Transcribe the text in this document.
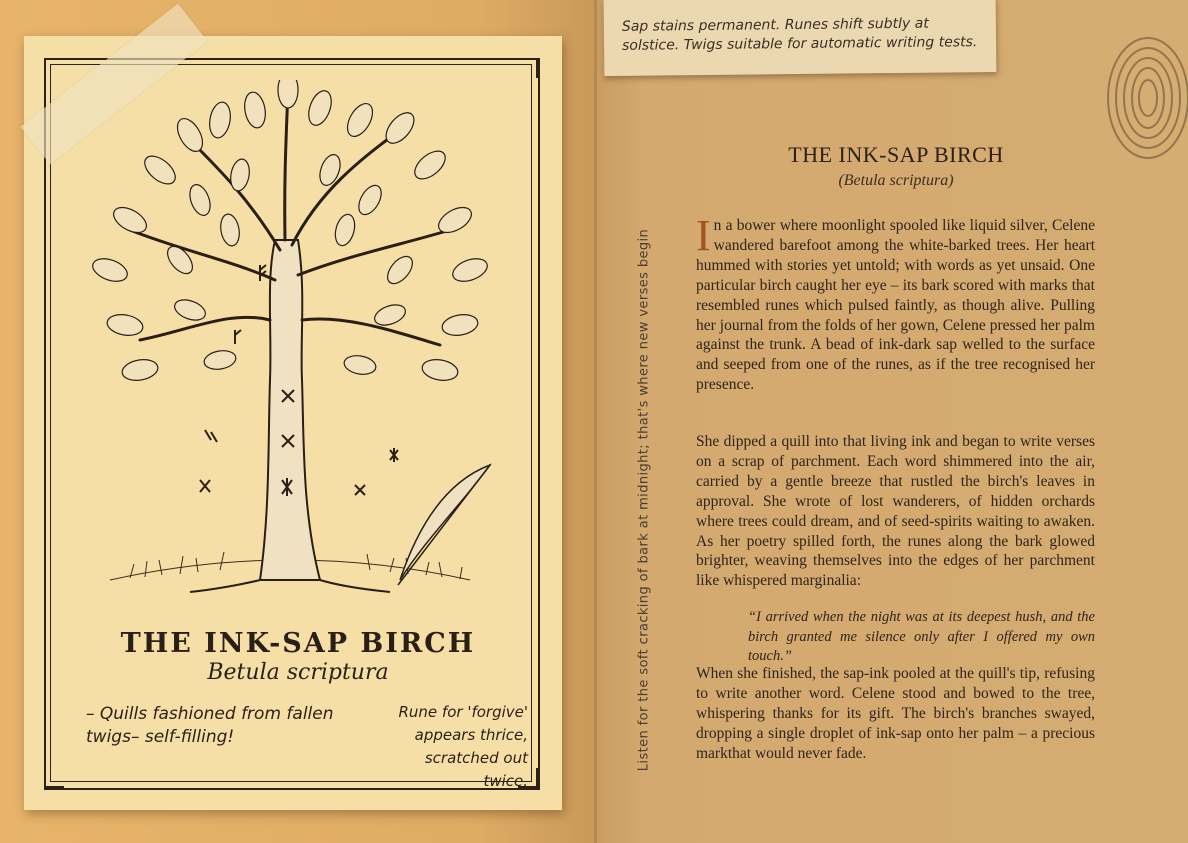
THE INK-SAP BIRCH
Betula scriptura
– Quills fashioned from fallen twigs– self-filling!
Rune for 'forgive' appears thrice, scratched out twice.
Sap stains permanent. Runes shift subtly at solstice. Twigs suitable for automatic writing tests.
Listen for the soft cracking of bark at midnight; that's where new verses begin
THE INK-SAP BIRCH
(Betula scriptura)
In a bower where moonlight spooled like liquid silver, Celene wandered barefoot among the white-barked trees. Her heart hummed with stories yet untold; with words as yet unsaid. One particular birch caught her eye – its bark scored with marks that resembled runes which pulsed faintly, as though alive. Pulling her journal from the folds of her gown, Celene pressed her palm against the trunk. A bead of ink-dark sap welled to the surface and seeped from one of the runes, as if the tree recognised her presence.
She dipped a quill into that living ink and began to write verses on a scrap of parchment. Each word shimmered into the air, carried by a gentle breeze that rustled the birch's leaves in approval. She wrote of lost wanderers, of hidden orchards where trees could dream, and of seed-spirits waiting to awaken. As her poetry spilled forth, the runes along the bark glowed brighter, weaving themselves into the edges of her parchment like whispered marginalia:
“I arrived when the night was at its deepest hush, and the birch granted me silence only after I offered my own touch.”
When she finished, the sap-ink pooled at the quill's tip, refusing to write another word. Celene stood and bowed to the tree, whispering thanks for its gift. The birch's branches swayed, dropping a single droplet of ink-sap onto her palm – a precious markthat would never fade.
